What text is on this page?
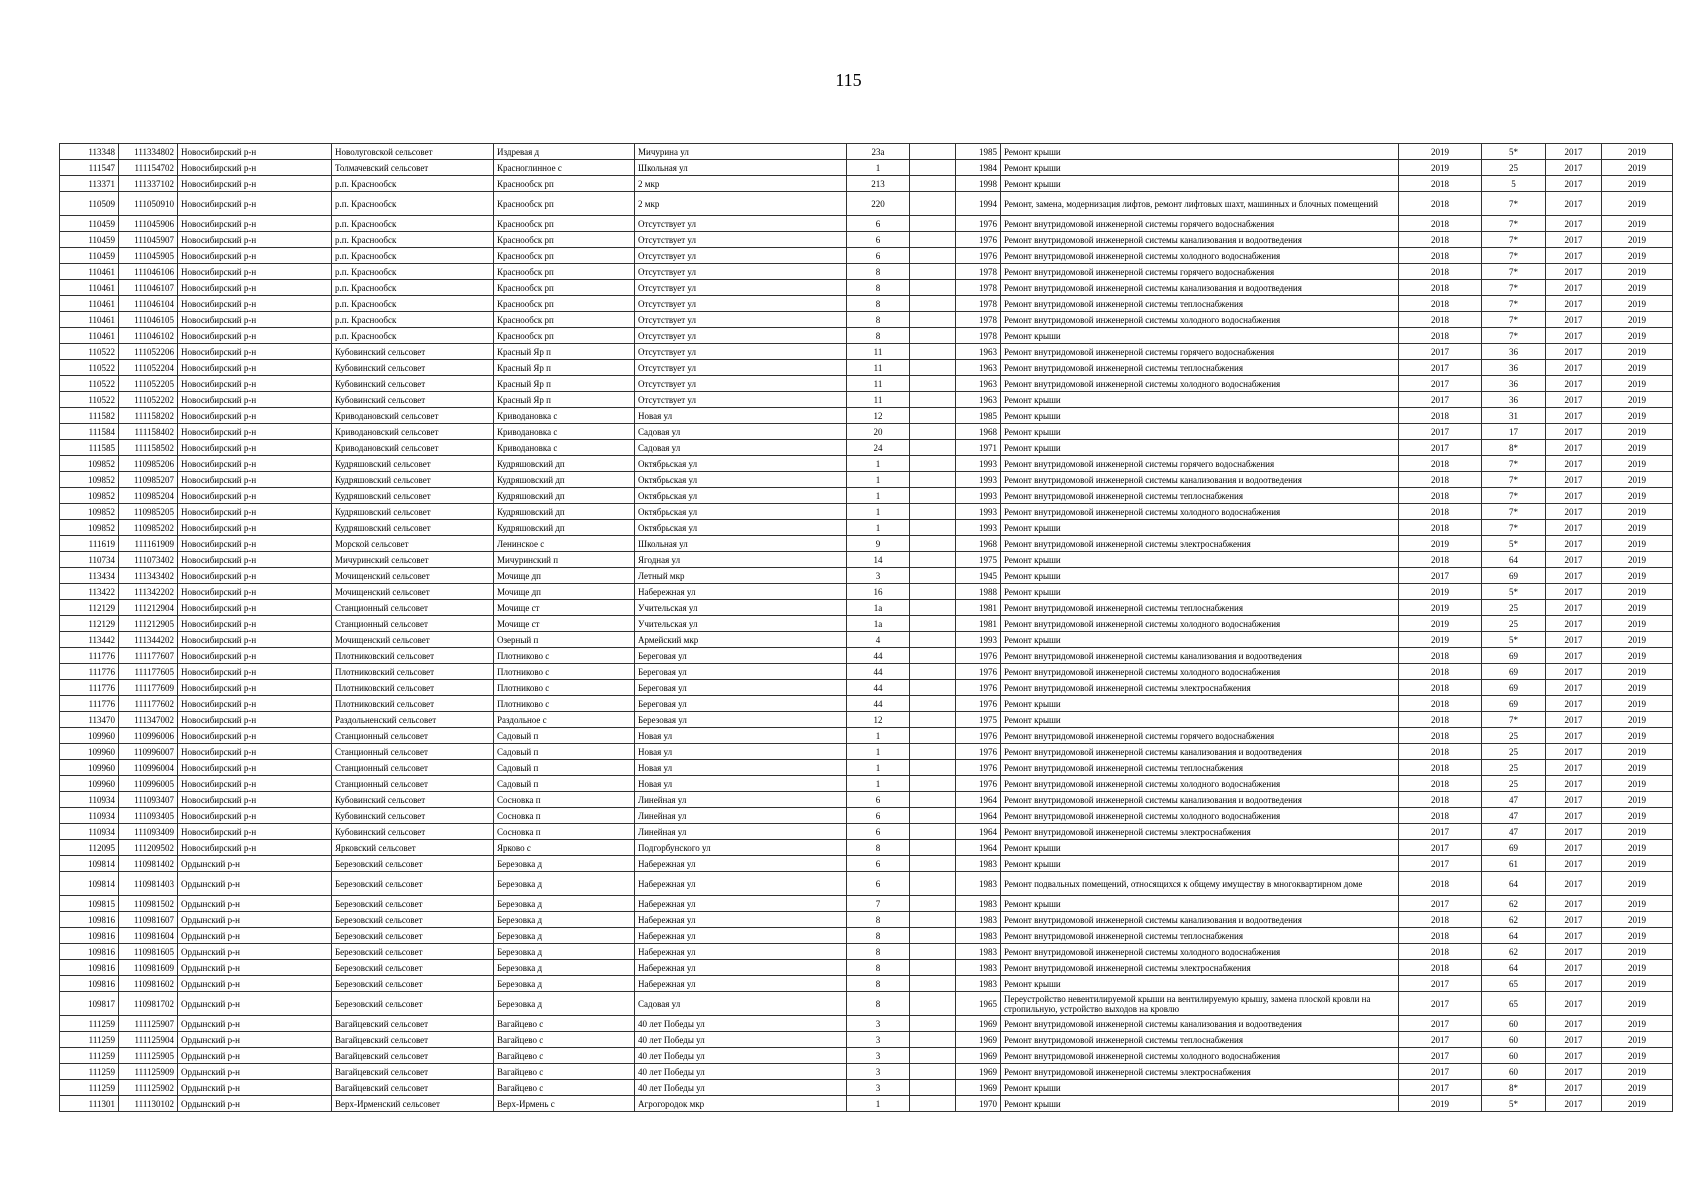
115
113348	111334802	Новосибирский р-н	Новолуговской сельсовет	Издревая д	Мичурина ул	23а		1985	Ремонт крыши	2019	5*	2017	2019
111547	111154702	Новосибирский р-н	Толмачевский сельсовет	Красноглинное с	Школьная ул	1		1984	Ремонт крыши	2019	25	2017	2019
113371	111337102	Новосибирский р-н	р.п. Краснообск	Краснообск рп	2 мкр	213		1998	Ремонт крыши	2018	5	2017	2019
110509	111050910	Новосибирский р-н	р.п. Краснообск	Краснообск рп	2 мкр	220		1994	Ремонт, замена, модернизация лифтов, ремонт лифтовых шахт, машинных и блочных помещений	2018	7*	2017	2019
110459	111045906	Новосибирский р-н	р.п. Краснообск	Краснообск рп	Отсутствует ул	6		1976	Ремонт внутридомовой инженерной системы горячего водоснабжения	2018	7*	2017	2019
110459	111045907	Новосибирский р-н	р.п. Краснообск	Краснообск рп	Отсутствует ул	6		1976	Ремонт внутридомовой инженерной системы канализования и водоотведения	2018	7*	2017	2019
110459	111045905	Новосибирский р-н	р.п. Краснообск	Краснообск рп	Отсутствует ул	6		1976	Ремонт внутридомовой инженерной системы холодного водоснабжения	2018	7*	2017	2019
110461	111046106	Новосибирский р-н	р.п. Краснообск	Краснообск рп	Отсутствует ул	8		1978	Ремонт внутридомовой инженерной системы горячего водоснабжения	2018	7*	2017	2019
110461	111046107	Новосибирский р-н	р.п. Краснообск	Краснообск рп	Отсутствует ул	8		1978	Ремонт внутридомовой инженерной системы канализования и водоотведения	2018	7*	2017	2019
110461	111046104	Новосибирский р-н	р.п. Краснообск	Краснообск рп	Отсутствует ул	8		1978	Ремонт внутридомовой инженерной системы теплоснабжения	2018	7*	2017	2019
110461	111046105	Новосибирский р-н	р.п. Краснообск	Краснообск рп	Отсутствует ул	8		1978	Ремонт внутридомовой инженерной системы холодного водоснабжения	2018	7*	2017	2019
110461	111046102	Новосибирский р-н	р.п. Краснообск	Краснообск рп	Отсутствует ул	8		1978	Ремонт крыши	2018	7*	2017	2019
110522	111052206	Новосибирский р-н	Кубовинский сельсовет	Красный Яр п	Отсутствует ул	11		1963	Ремонт внутридомовой инженерной системы горячего водоснабжения	2017	36	2017	2019
110522	111052204	Новосибирский р-н	Кубовинский сельсовет	Красный Яр п	Отсутствует ул	11		1963	Ремонт внутридомовой инженерной системы теплоснабжения	2017	36	2017	2019
110522	111052205	Новосибирский р-н	Кубовинский сельсовет	Красный Яр п	Отсутствует ул	11		1963	Ремонт внутридомовой инженерной системы холодного водоснабжения	2017	36	2017	2019
110522	111052202	Новосибирский р-н	Кубовинский сельсовет	Красный Яр п	Отсутствует ул	11		1963	Ремонт крыши	2017	36	2017	2019
111582	111158202	Новосибирский р-н	Криводановский сельсовет	Криводановка с	Новая ул	12		1985	Ремонт крыши	2018	31	2017	2019
111584	111158402	Новосибирский р-н	Криводановский сельсовет	Криводановка с	Садовая ул	20		1968	Ремонт крыши	2017	17	2017	2019
111585	111158502	Новосибирский р-н	Криводановский сельсовет	Криводановка с	Садовая ул	24		1971	Ремонт крыши	2017	8*	2017	2019
109852	110985206	Новосибирский р-н	Кудряшовский сельсовет	Кудряшовский дп	Октябрьская ул	1		1993	Ремонт внутридомовой инженерной системы горячего водоснабжения	2018	7*	2017	2019
109852	110985207	Новосибирский р-н	Кудряшовский сельсовет	Кудряшовский дп	Октябрьская ул	1		1993	Ремонт внутридомовой инженерной системы канализования и водоотведения	2018	7*	2017	2019
109852	110985204	Новосибирский р-н	Кудряшовский сельсовет	Кудряшовский дп	Октябрьская ул	1		1993	Ремонт внутридомовой инженерной системы теплоснабжения	2018	7*	2017	2019
109852	110985205	Новосибирский р-н	Кудряшовский сельсовет	Кудряшовский дп	Октябрьская ул	1		1993	Ремонт внутридомовой инженерной системы холодного водоснабжения	2018	7*	2017	2019
109852	110985202	Новосибирский р-н	Кудряшовский сельсовет	Кудряшовский дп	Октябрьская ул	1		1993	Ремонт крыши	2018	7*	2017	2019
111619	111161909	Новосибирский р-н	Морской сельсовет	Ленинское с	Школьная ул	9		1968	Ремонт внутридомовой инженерной системы электроснабжения	2019	5*	2017	2019
110734	111073402	Новосибирский р-н	Мичуринский сельсовет	Мичуринский п	Ягодная ул	14		1975	Ремонт крыши	2018	64	2017	2019
113434	111343402	Новосибирский р-н	Мочищенский сельсовет	Мочище дп	Летный мкр	3		1945	Ремонт крыши	2017	69	2017	2019
113422	111342202	Новосибирский р-н	Мочищенский сельсовет	Мочище дп	Набережная ул	16		1988	Ремонт крыши	2019	5*	2017	2019
112129	111212904	Новосибирский р-н	Станционный сельсовет	Мочище ст	Учительская ул	1а		1981	Ремонт внутридомовой инженерной системы теплоснабжения	2019	25	2017	2019
112129	111212905	Новосибирский р-н	Станционный сельсовет	Мочище ст	Учительская ул	1а		1981	Ремонт внутридомовой инженерной системы холодного водоснабжения	2019	25	2017	2019
113442	111344202	Новосибирский р-н	Мочищенский сельсовет	Озерный п	Армейский мкр	4		1993	Ремонт крыши	2019	5*	2017	2019
111776	111177607	Новосибирский р-н	Плотниковский сельсовет	Плотниково с	Береговая ул	44		1976	Ремонт внутридомовой инженерной системы канализования и водоотведения	2018	69	2017	2019
111776	111177605	Новосибирский р-н	Плотниковский сельсовет	Плотниково с	Береговая ул	44		1976	Ремонт внутридомовой инженерной системы холодного водоснабжения	2018	69	2017	2019
111776	111177609	Новосибирский р-н	Плотниковский сельсовет	Плотниково с	Береговая ул	44		1976	Ремонт внутридомовой инженерной системы электроснабжения	2018	69	2017	2019
111776	111177602	Новосибирский р-н	Плотниковский сельсовет	Плотниково с	Береговая ул	44		1976	Ремонт крыши	2018	69	2017	2019
113470	111347002	Новосибирский р-н	Раздольненский сельсовет	Раздольное с	Березовая ул	12		1975	Ремонт крыши	2018	7*	2017	2019
109960	110996006	Новосибирский р-н	Станционный сельсовет	Садовый п	Новая ул	1		1976	Ремонт внутридомовой инженерной системы горячего водоснабжения	2018	25	2017	2019
109960	110996007	Новосибирский р-н	Станционный сельсовет	Садовый п	Новая ул	1		1976	Ремонт внутридомовой инженерной системы канализования и водоотведения	2018	25	2017	2019
109960	110996004	Новосибирский р-н	Станционный сельсовет	Садовый п	Новая ул	1		1976	Ремонт внутридомовой инженерной системы теплоснабжения	2018	25	2017	2019
109960	110996005	Новосибирский р-н	Станционный сельсовет	Садовый п	Новая ул	1		1976	Ремонт внутридомовой инженерной системы холодного водоснабжения	2018	25	2017	2019
110934	111093407	Новосибирский р-н	Кубовинский сельсовет	Сосновка п	Линейная ул	6		1964	Ремонт внутридомовой инженерной системы канализования и водоотведения	2018	47	2017	2019
110934	111093405	Новосибирский р-н	Кубовинский сельсовет	Сосновка п	Линейная ул	6		1964	Ремонт внутридомовой инженерной системы холодного водоснабжения	2018	47	2017	2019
110934	111093409	Новосибирский р-н	Кубовинский сельсовет	Сосновка п	Линейная ул	6		1964	Ремонт внутридомовой инженерной системы электроснабжения	2017	47	2017	2019
112095	111209502	Новосибирский р-н	Ярковский сельсовет	Ярково с	Подгорбунского ул	8		1964	Ремонт крыши	2017	69	2017	2019
109814	110981402	Ордынский р-н	Березовский сельсовет	Березовка д	Набережная ул	6		1983	Ремонт крыши	2017	61	2017	2019
109814	110981403	Ордынский р-н	Березовский сельсовет	Березовка д	Набережная ул	6		1983	Ремонт подвальных помещений, относящихся к общему имуществу в многоквартирном доме	2018	64	2017	2019
109815	110981502	Ордынский р-н	Березовский сельсовет	Березовка д	Набережная ул	7		1983	Ремонт крыши	2017	62	2017	2019
109816	110981607	Ордынский р-н	Березовский сельсовет	Березовка д	Набережная ул	8		1983	Ремонт внутридомовой инженерной системы канализования и водоотведения	2018	62	2017	2019
109816	110981604	Ордынский р-н	Березовский сельсовет	Березовка д	Набережная ул	8		1983	Ремонт внутридомовой инженерной системы теплоснабжения	2018	64	2017	2019
109816	110981605	Ордынский р-н	Березовский сельсовет	Березовка д	Набережная ул	8		1983	Ремонт внутридомовой инженерной системы холодного водоснабжения	2018	62	2017	2019
109816	110981609	Ордынский р-н	Березовский сельсовет	Березовка д	Набережная ул	8		1983	Ремонт внутридомовой инженерной системы электроснабжения	2018	64	2017	2019
109816	110981602	Ордынский р-н	Березовский сельсовет	Березовка д	Набережная ул	8		1983	Ремонт крыши	2017	65	2017	2019
109817	110981702	Ордынский р-н	Березовский сельсовет	Березовка д	Садовая ул	8		1965	Переустройство невентилируемой крыши на вентилируемую крышу, замена плоской кровли на стропильную, устройство выходов на кровлю	2017	65	2017	2019
111259	111125907	Ордынский р-н	Вагайцевский сельсовет	Вагайцево с	40 лет Победы ул	3		1969	Ремонт внутридомовой инженерной системы канализования и водоотведения	2017	60	2017	2019
111259	111125904	Ордынский р-н	Вагайцевский сельсовет	Вагайцево с	40 лет Победы ул	3		1969	Ремонт внутридомовой инженерной системы теплоснабжения	2017	60	2017	2019
111259	111125905	Ордынский р-н	Вагайцевский сельсовет	Вагайцево с	40 лет Победы ул	3		1969	Ремонт внутридомовой инженерной системы холодного водоснабжения	2017	60	2017	2019
111259	111125909	Ордынский р-н	Вагайцевский сельсовет	Вагайцево с	40 лет Победы ул	3		1969	Ремонт внутридомовой инженерной системы электроснабжения	2017	60	2017	2019
111259	111125902	Ордынский р-н	Вагайцевский сельсовет	Вагайцево с	40 лет Победы ул	3		1969	Ремонт крыши	2017	8*	2017	2019
111301	111130102	Ордынский р-н	Верх-Ирменский сельсовет	Верх-Ирмень с	Агрогородок мкр	1		1970	Ремонт крыши	2019	5*	2017	2019
